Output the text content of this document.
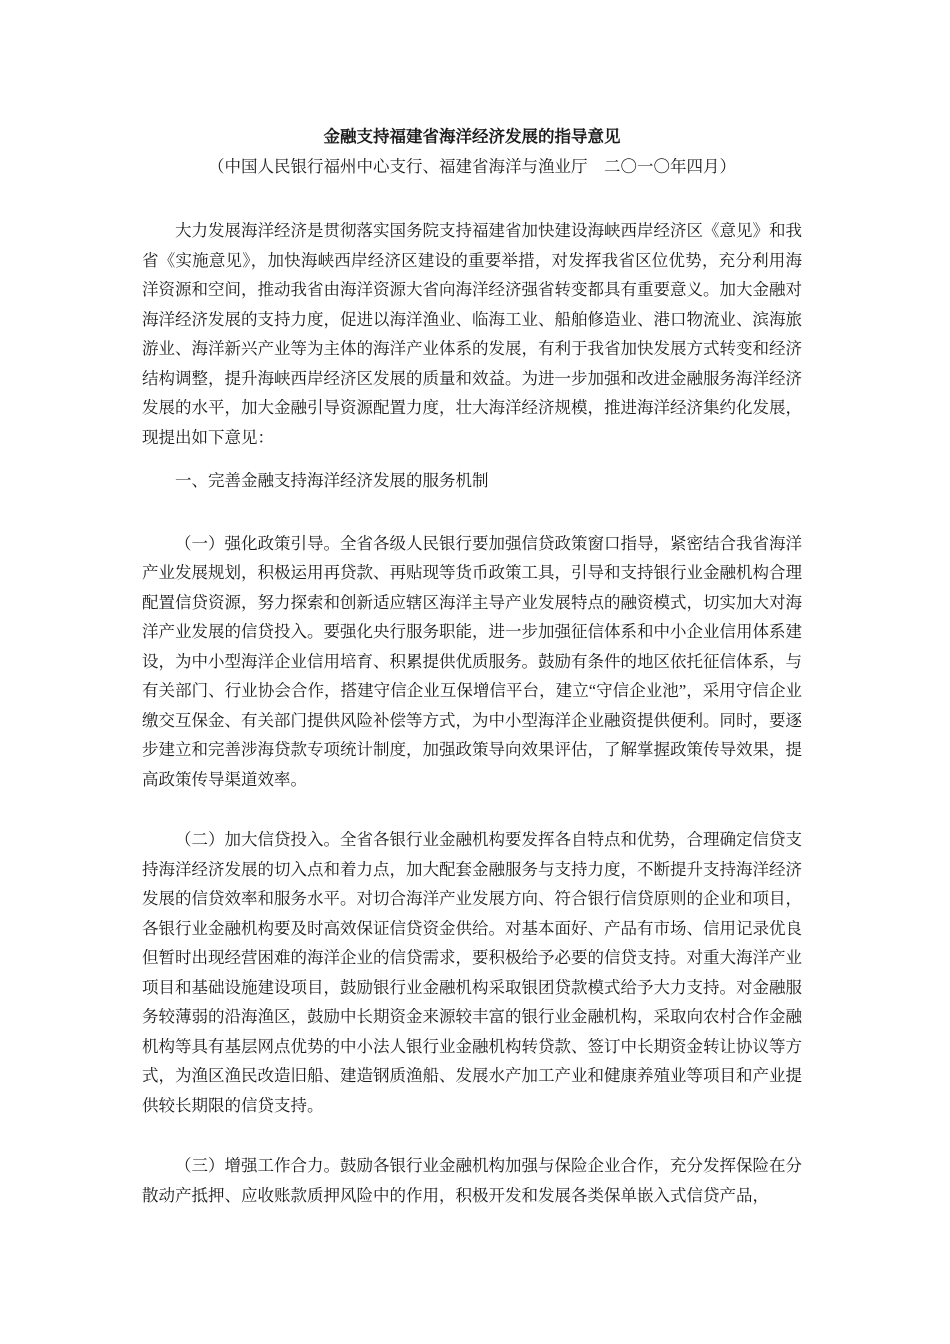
金融支持福建省海洋经济发展的指导意见
（中国人民银行福州中心支行、福建省海洋与渔业厅　二〇一〇年四月）

大力发展海洋经济是贯彻落实国务院支持福建省加快建设海峡西岸经济区《意见》和我省《实施意见》，加快海峡西岸经济区建设的重要举措，对发挥我省区位优势，充分利用海洋资源和空间，推动我省由海洋资源大省向海洋经济强省转变都具有重要意义。加大金融对海洋经济发展的支持力度，促进以海洋渔业、临海工业、船舶修造业、港口物流业、滨海旅游业、海洋新兴产业等为主体的海洋产业体系的发展，有利于我省加快发展方式转变和经济结构调整，提升海峡西岸经济区发展的质量和效益。为进一步加强和改进金融服务海洋经济发展的水平，加大金融引导资源配置力度，壮大海洋经济规模，推进海洋经济集约化发展，现提出如下意见：

一、完善金融支持海洋经济发展的服务机制

（一）强化政策引导。全省各级人民银行要加强信贷政策窗口指导，紧密结合我省海洋产业发展规划，积极运用再贷款、再贴现等货币政策工具，引导和支持银行业金融机构合理配置信贷资源，努力探索和创新适应辖区海洋主导产业发展特点的融资模式，切实加大对海洋产业发展的信贷投入。要强化央行服务职能，进一步加强征信体系和中小企业信用体系建设，为中小型海洋企业信用培育、积累提供优质服务。鼓励有条件的地区依托征信体系，与有关部门、行业协会合作，搭建守信企业互保增信平台，建立“守信企业池”，采用守信企业缴交互保金、有关部门提供风险补偿等方式，为中小型海洋企业融资提供便利。同时，要逐步建立和完善涉海贷款专项统计制度，加强政策导向效果评估，了解掌握政策传导效果，提高政策传导渠道效率。

（二）加大信贷投入。全省各银行业金融机构要发挥各自特点和优势，合理确定信贷支持海洋经济发展的切入点和着力点，加大配套金融服务与支持力度，不断提升支持海洋经济发展的信贷效率和服务水平。对切合海洋产业发展方向、符合银行信贷原则的企业和项目，各银行业金融机构要及时高效保证信贷资金供给。对基本面好、产品有市场、信用记录优良但暂时出现经营困难的海洋企业的信贷需求，要积极给予必要的信贷支持。对重大海洋产业项目和基础设施建设项目，鼓励银行业金融机构采取银团贷款模式给予大力支持。对金融服务较薄弱的沿海渔区，鼓励中长期资金来源较丰富的银行业金融机构，采取向农村合作金融机构等具有基层网点优势的中小法人银行业金融机构转贷款、签订中长期资金转让协议等方式，为渔区渔民改造旧船、建造钢质渔船、发展水产加工产业和健康养殖业等项目和产业提供较长期限的信贷支持。

（三）增强工作合力。鼓励各银行业金融机构加强与保险企业合作，充分发挥保险在分散动产抵押、应收账款质押风险中的作用，积极开发和发展各类保单嵌入式信贷产品，
